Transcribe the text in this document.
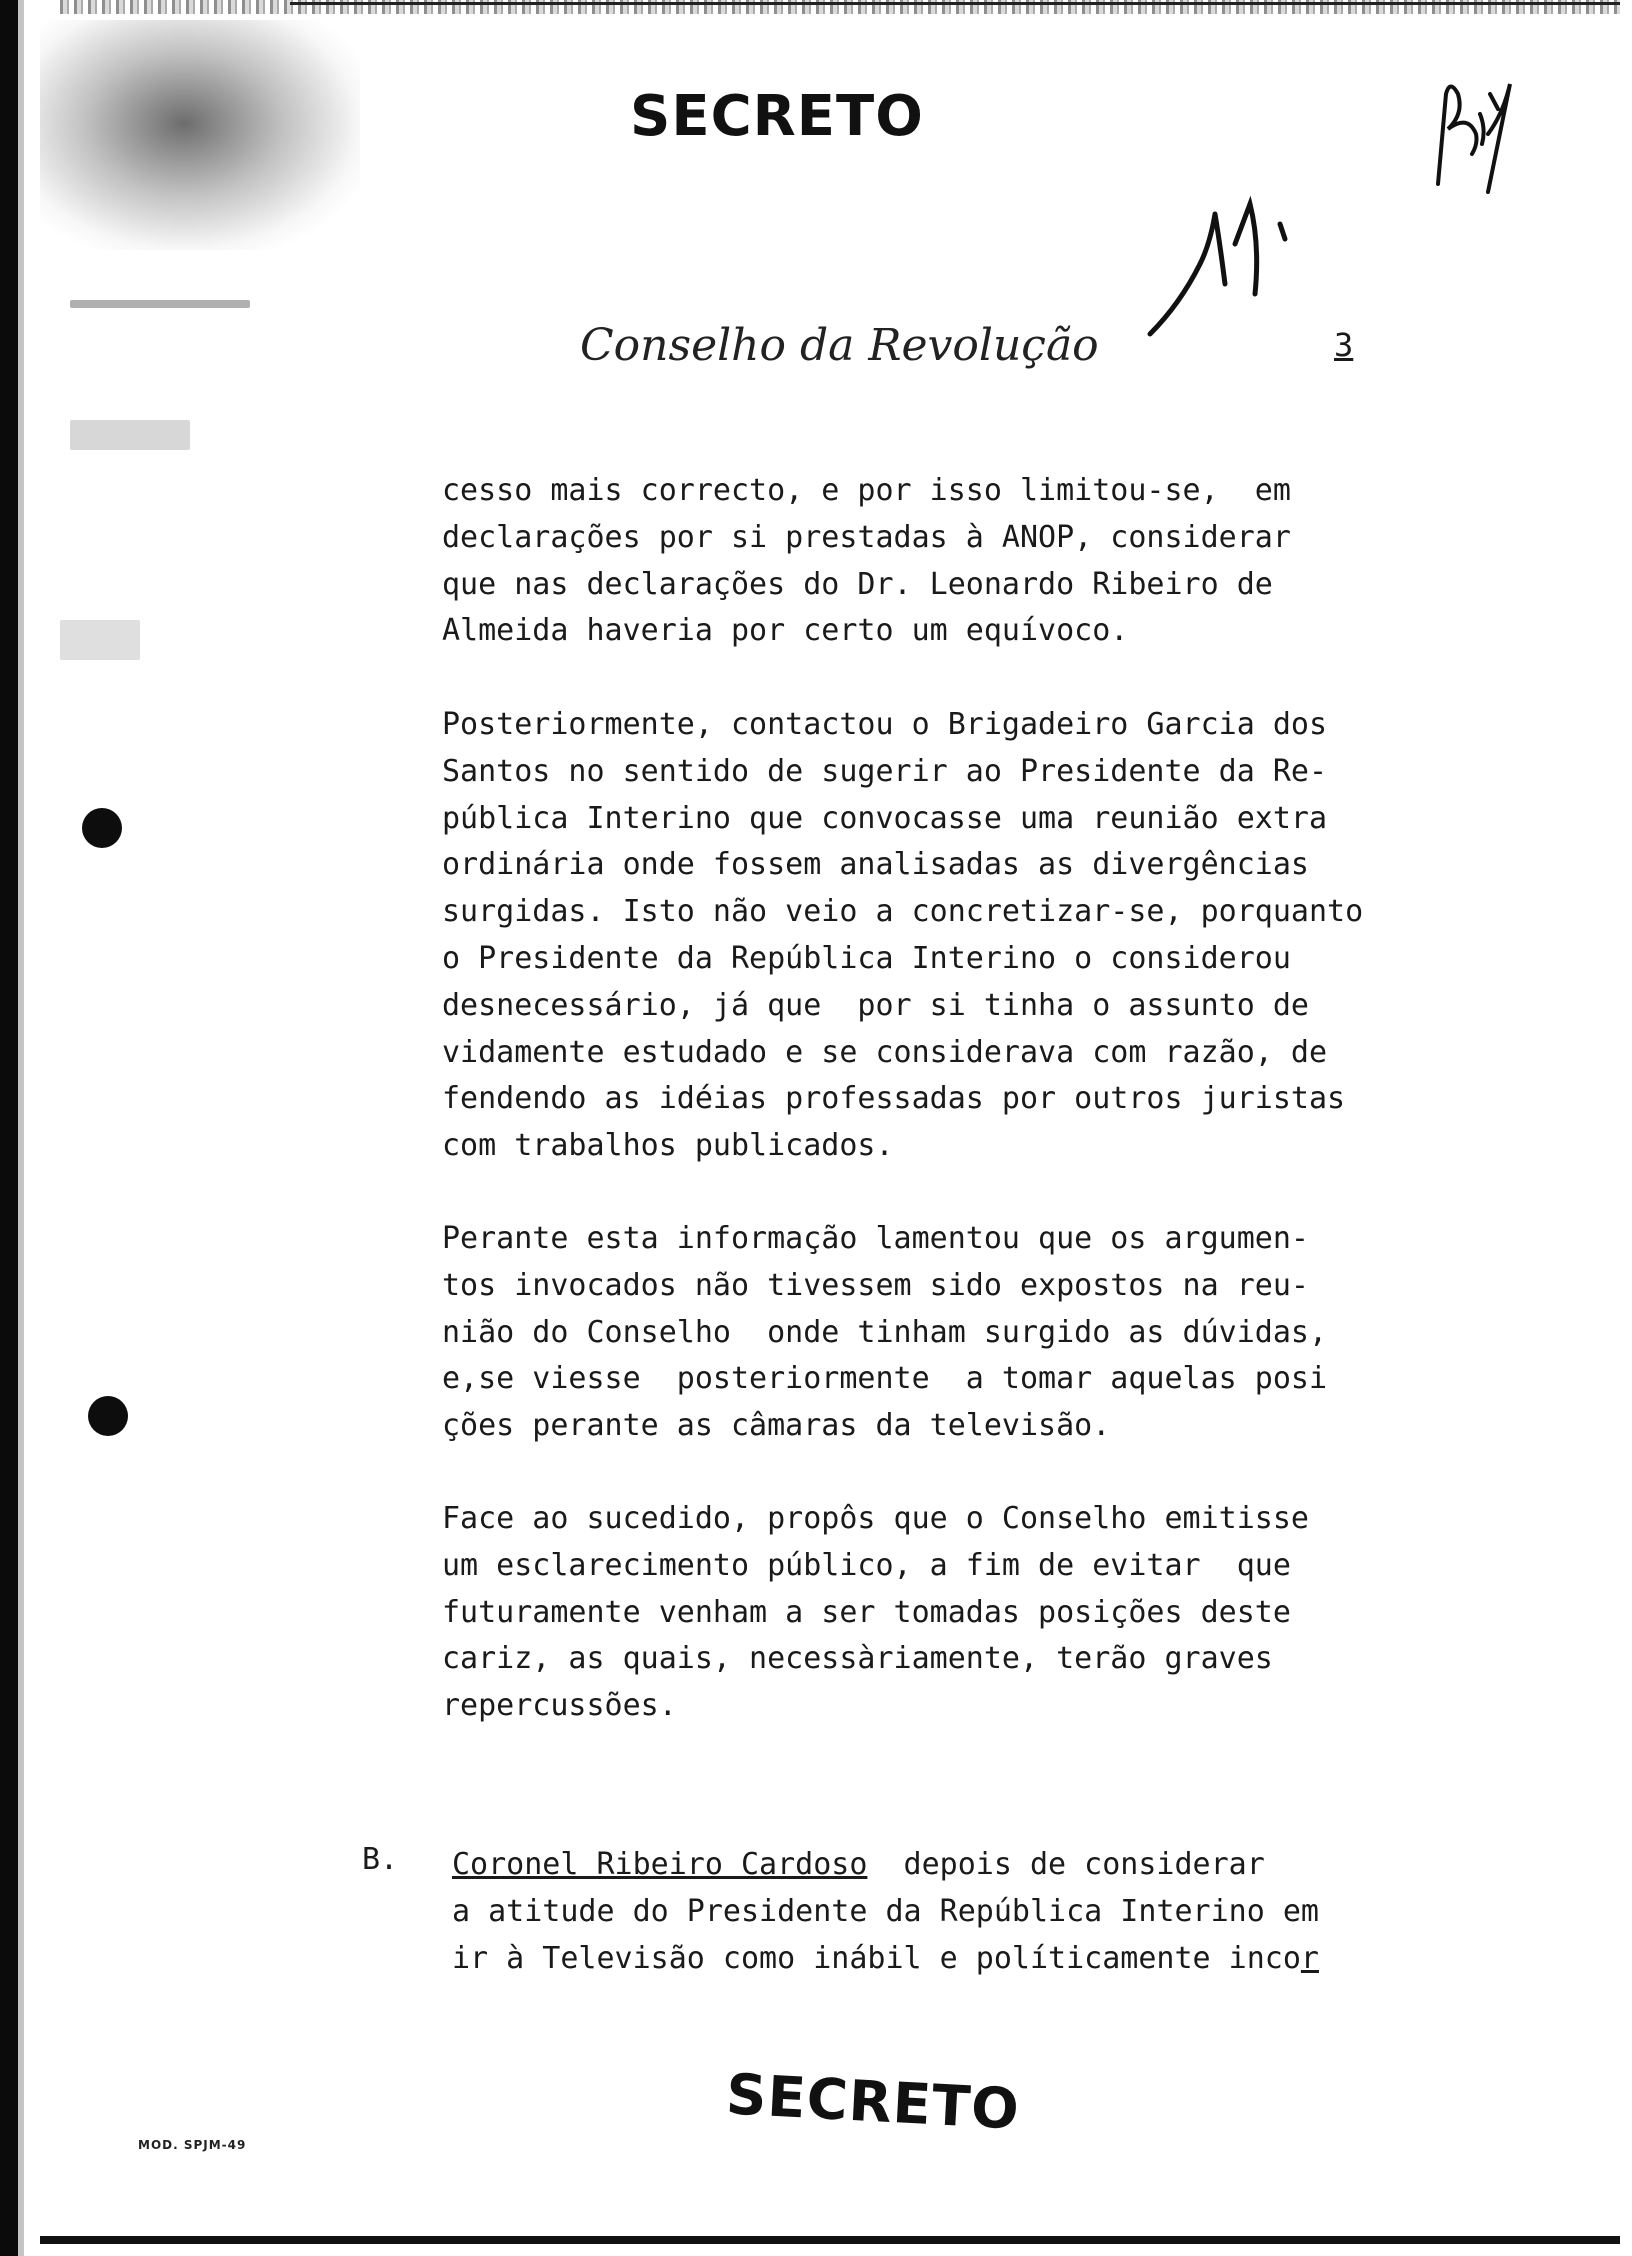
SECRETO
Conselho da Revolução	3
cesso mais correcto, e por isso limitou-se,  em
declarações por si prestadas à ANOP, considerar
que nas declarações do Dr. Leonardo Ribeiro de
Almeida haveria por certo um equívoco.
Posteriormente, contactou o Brigadeiro Garcia dos
Santos no sentido de sugerir ao Presidente da Re-
pública Interino que convocasse uma reunião extra
ordinária onde fossem analisadas as divergências
surgidas. Isto não veio a concretizar-se, porquanto
o Presidente da República Interino o considerou
desnecessário, já que  por si tinha o assunto de
vidamente estudado e se considerava com razão, de
fendendo as idéias professadas por outros juristas
com trabalhos publicados.
Perante esta informação lamentou que os argumen-
tos invocados não tivessem sido expostos na reu-
nião do Conselho  onde tinham surgido as dúvidas,
e,se viesse  posteriormente  a tomar aquelas posi
ções perante as câmaras da televisão.
Face ao sucedido, propôs que o Conselho emitisse
um esclarecimento público, a fim de evitar  que
futuramente venham a ser tomadas posições deste
cariz, as quais, necessàriamente, terão graves
repercussões.
B. Coronel Ribeiro Cardoso  depois de considerar
a atitude do Presidente da República Interino em
ir à Televisão como inábil e políticamente incor
SECRETO
MOD. SPJM-49
